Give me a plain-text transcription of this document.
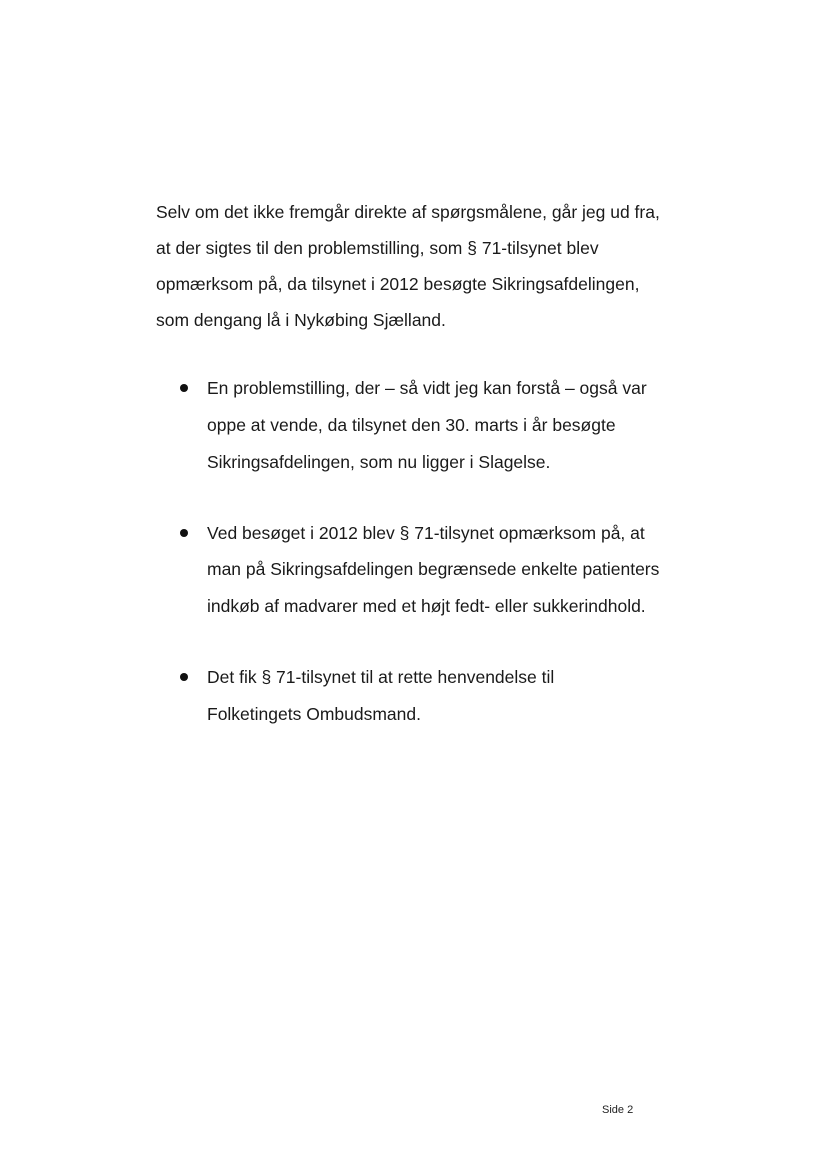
Selv om det ikke fremgår direkte af spørgsmålene, går jeg ud fra,
at der sigtes til den problemstilling, som § 71-tilsynet blev
opmærksom på, da tilsynet i 2012 besøgte Sikringsafdelingen,
som dengang lå i Nykøbing Sjælland.
En problemstilling, der – så vidt jeg kan forstå – også var
oppe at vende, da tilsynet den 30. marts i år besøgte
Sikringsafdelingen, som nu ligger i Slagelse.
Ved besøget i 2012 blev § 71-tilsynet opmærksom på, at
man på Sikringsafdelingen begrænsede enkelte patienters
indkøb af madvarer med et højt fedt- eller sukkerindhold.
Det fik § 71-tilsynet til at rette henvendelse til
Folketingets Ombudsmand.
Side 2
